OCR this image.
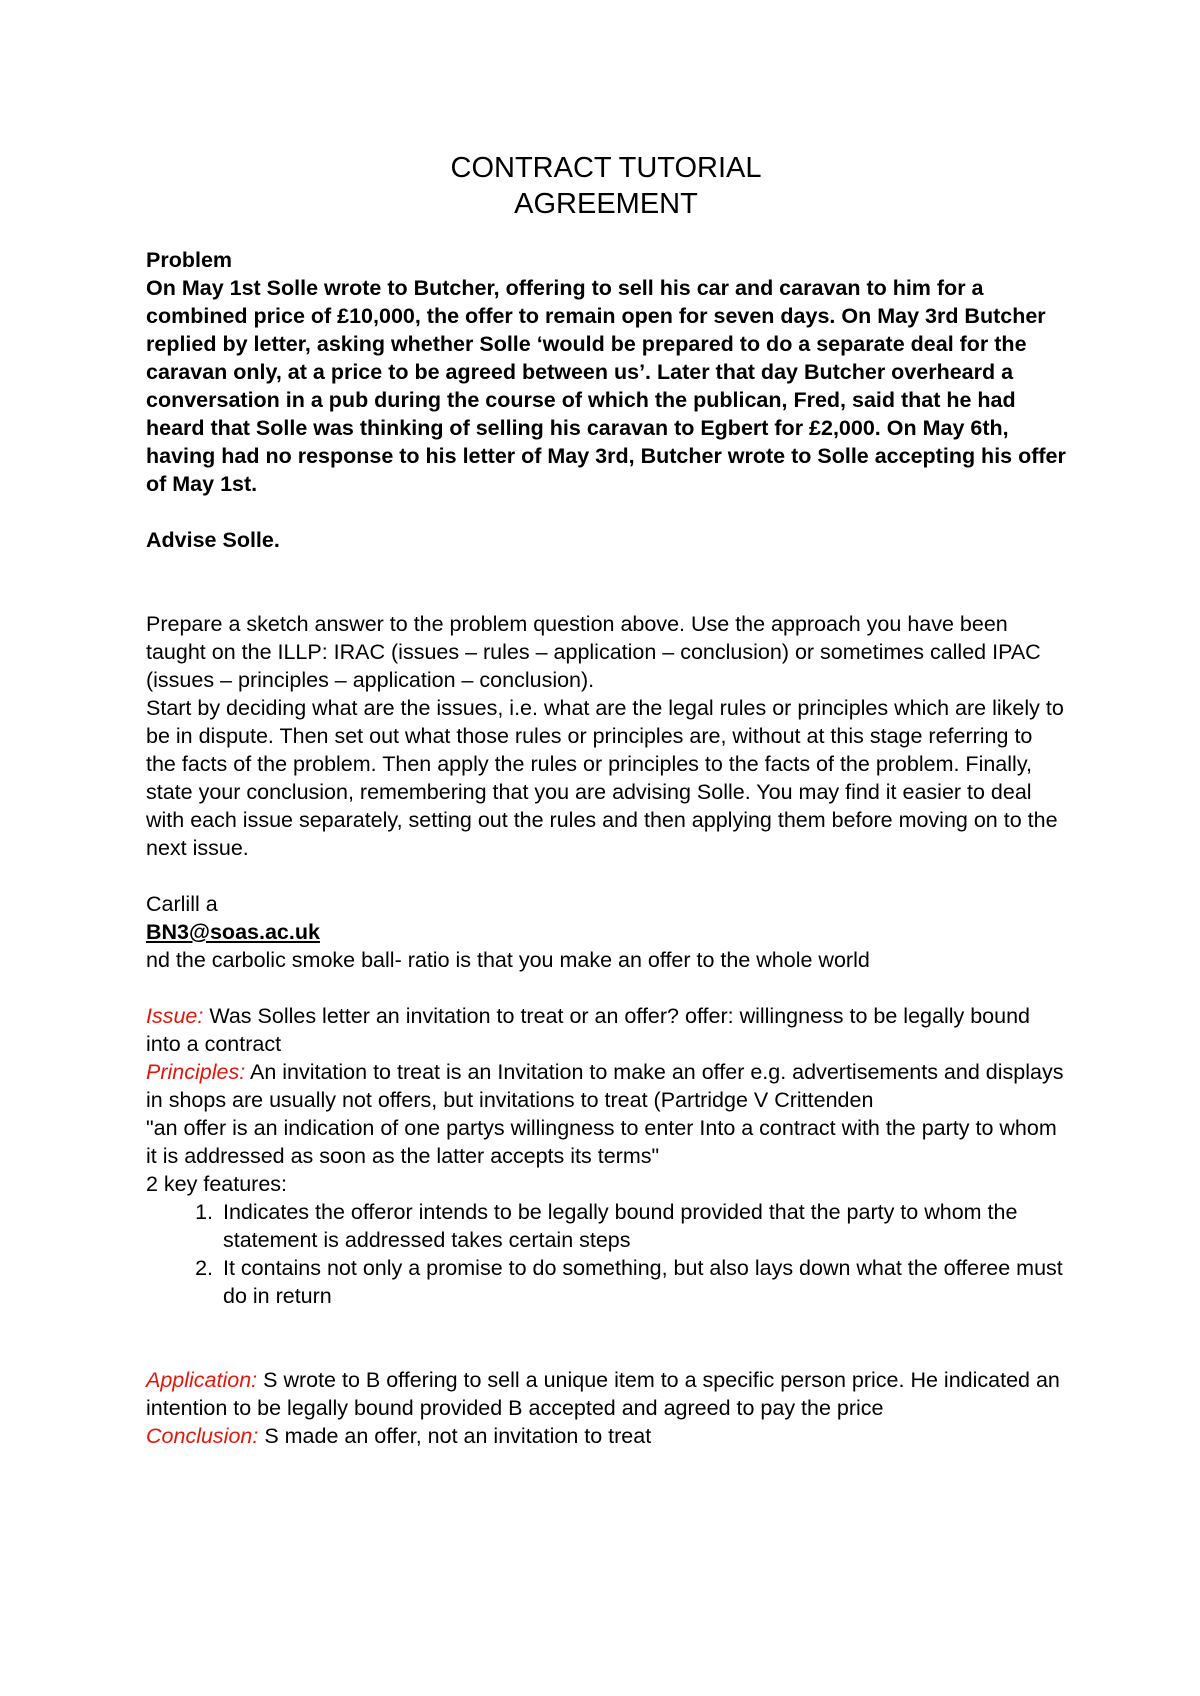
CONTRACT TUTORIAL

AGREEMENT

Problem

On May 1st Solle wrote to Butcher, offering to sell his car and caravan to him for a combined price of £10,000, the offer to remain open for seven days. On May 3rd Butcher replied by letter, asking whether Solle ‘would be prepared to do a separate deal for the caravan only, at a price to be agreed between us’. Later that day Butcher overheard a conversation in a pub during the course of which the publican, Fred, said that he had heard that Solle was thinking of selling his caravan to Egbert for £2,000. On May 6th, having had no response to his letter of May 3rd, Butcher wrote to Solle accepting his offer of May 1st.

Advise Solle.

Prepare a sketch answer to the problem question above. Use the approach you have been taught on the ILLP: IRAC (issues – rules – application – conclusion) or sometimes called IPAC (issues – principles – application – conclusion).

Start by deciding what are the issues, i.e. what are the legal rules or principles which are likely to be in dispute. Then set out what those rules or principles are, without at this stage referring to the facts of the problem. Then apply the rules or principles to the facts of the problem. Finally, state your conclusion, remembering that you are advising Solle. You may find it easier to deal with each issue separately, setting out the rules and then applying them before moving on to the next issue.

Carlill a

BN3@soas.ac.uk

nd the carbolic smoke ball- ratio is that you make an offer to the whole world

Issue: Was Solles letter an invitation to treat or an offer? offer: willingness to be legally bound into a contract

Principles: An invitation to treat is an Invitation to make an offer e.g. advertisements and displays in shops are usually not offers, but invitations to treat (Partridge V Crittenden

"an offer is an indication of one partys willingness to enter Into a contract with the party to whom it is addressed as soon as the latter accepts its terms"

2 key features:

1. Indicates the offeror intends to be legally bound provided that the party to whom the statement is addressed takes certain steps
2. It contains not only a promise to do something, but also lays down what the offeree must do in return

Application: S wrote to B offering to sell a unique item to a specific person price. He indicated an intention to be legally bound provided B accepted and agreed to pay the price

Conclusion: S made an offer, not an invitation to treat
